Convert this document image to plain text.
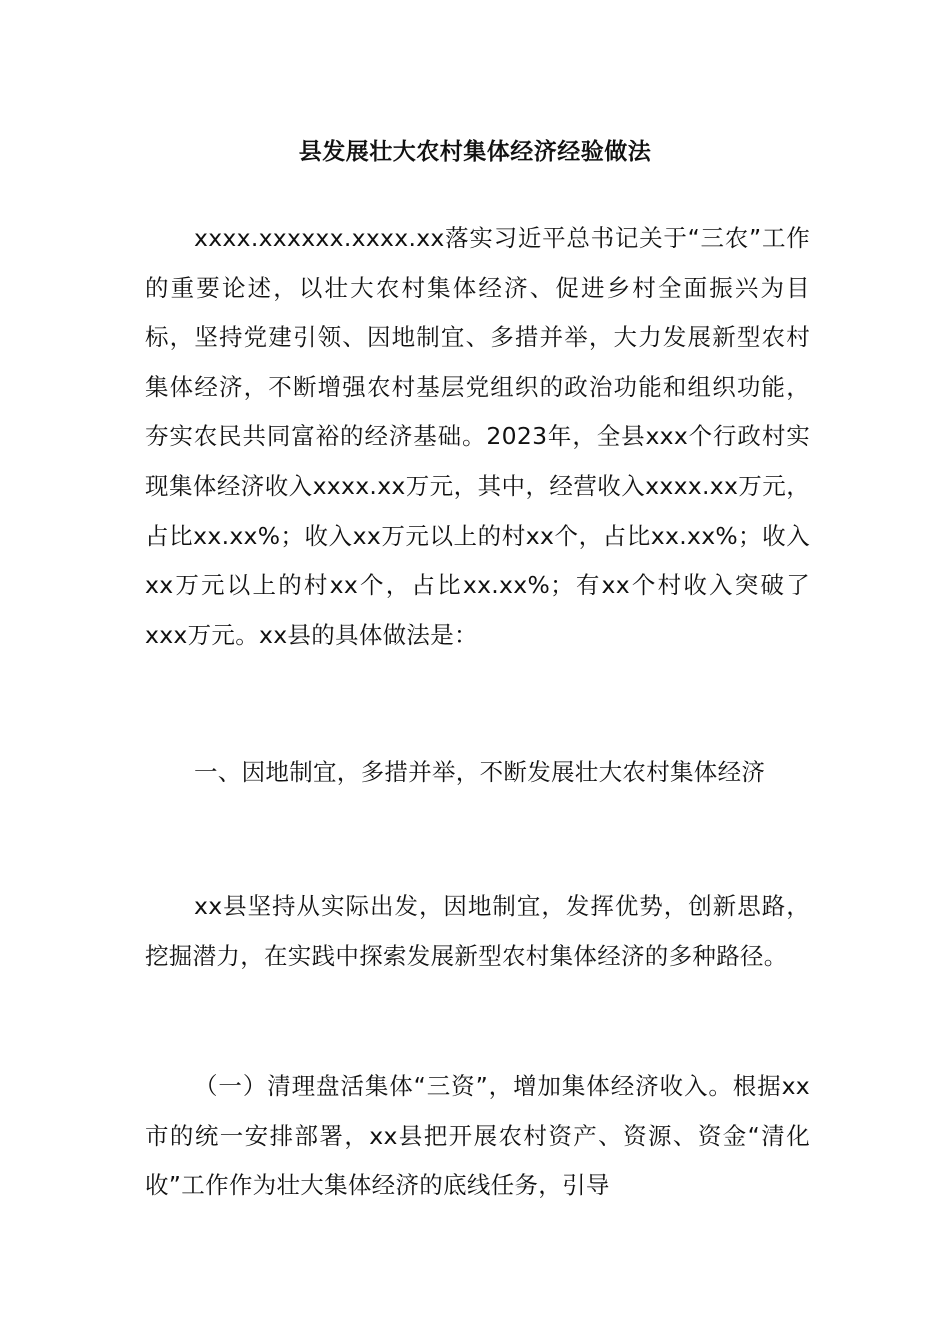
县发展壮大农村集体经济经验做法

xxxx.xxxxxx.xxxx.xx落实习近平总书记关于“三农”工作的重要论述，以壮大农村集体经济、促进乡村全面振兴为目标，坚持党建引领、因地制宜、多措并举，大力发展新型农村集体经济，不断增强农村基层党组织的政治功能和组织功能，夯实农民共同富裕的经济基础。2023年，全县xxx个行政村实现集体经济收入xxxx.xx万元，其中，经营收入xxxx.xx万元，占比xx.xx%；收入xx万元以上的村xx个，占比xx.xx%；收入xx万元以上的村xx个，占比xx.xx%；有xx个村收入突破了xxx万元。xx县的具体做法是：

一、因地制宜，多措并举，不断发展壮大农村集体经济

xx县坚持从实际出发，因地制宜，发挥优势，创新思路，挖掘潜力，在实践中探索发展新型农村集体经济的多种路径。

（一）清理盘活集体“三资”，增加集体经济收入。根据xx市的统一安排部署，xx县把开展农村资产、资源、资金“清化收”工作作为壮大集体经济的底线任务，引导
